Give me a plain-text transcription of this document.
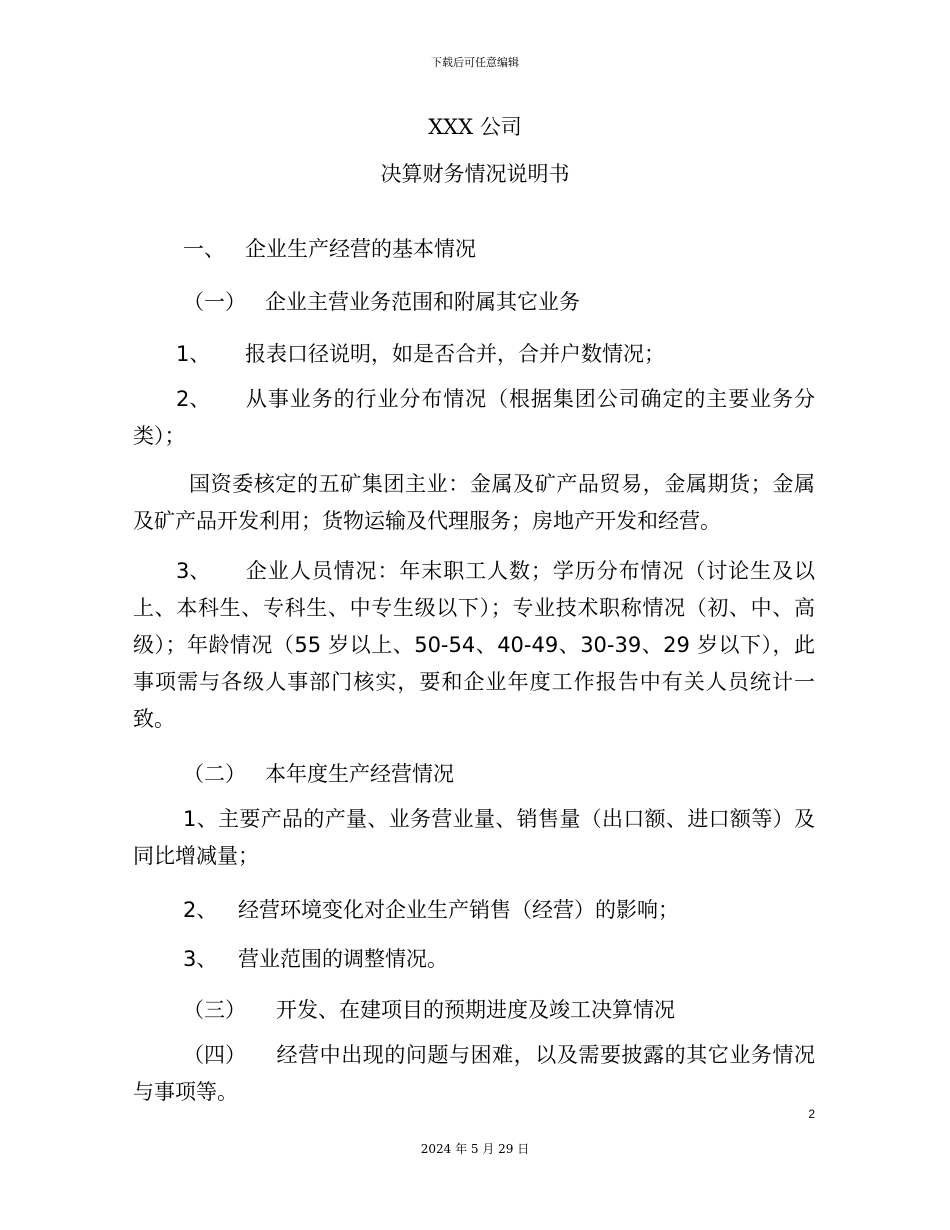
下载后可任意编辑
XXX 公司
决算财务情况说明书
一、 企业生产经营的基本情况
（一） 企业主营业务范围和附属其它业务
1、 报表口径说明，如是否合并，合并户数情况；
2、 从事业务的行业分布情况（根据集团公司确定的主要业务分类）；
国资委核定的五矿集团主业：金属及矿产品贸易，金属期货；金属及矿产品开发利用；货物运输及代理服务；房地产开发和经营。
3、 企业人员情况：年末职工人数；学历分布情况（讨论生及以上、本科生、专科生、中专生级以下）；专业技术职称情况（初、中、高级）；年龄情况（55 岁以上、50-54、40-49、30-39、29 岁以下），此事项需与各级人事部门核实，要和企业年度工作报告中有关人员统计一致。
（二） 本年度生产经营情况
1、主要产品的产量、业务营业量、销售量（出口额、进口额等）及同比增减量；
2、 经营环境变化对企业生产销售（经营）的影响；
3、 营业范围的调整情况。
（三） 开发、在建项目的预期进度及竣工决算情况
（四） 经营中出现的问题与困难，以及需要披露的其它业务情况与事项等。
2
2024 年 5 月 29 日
